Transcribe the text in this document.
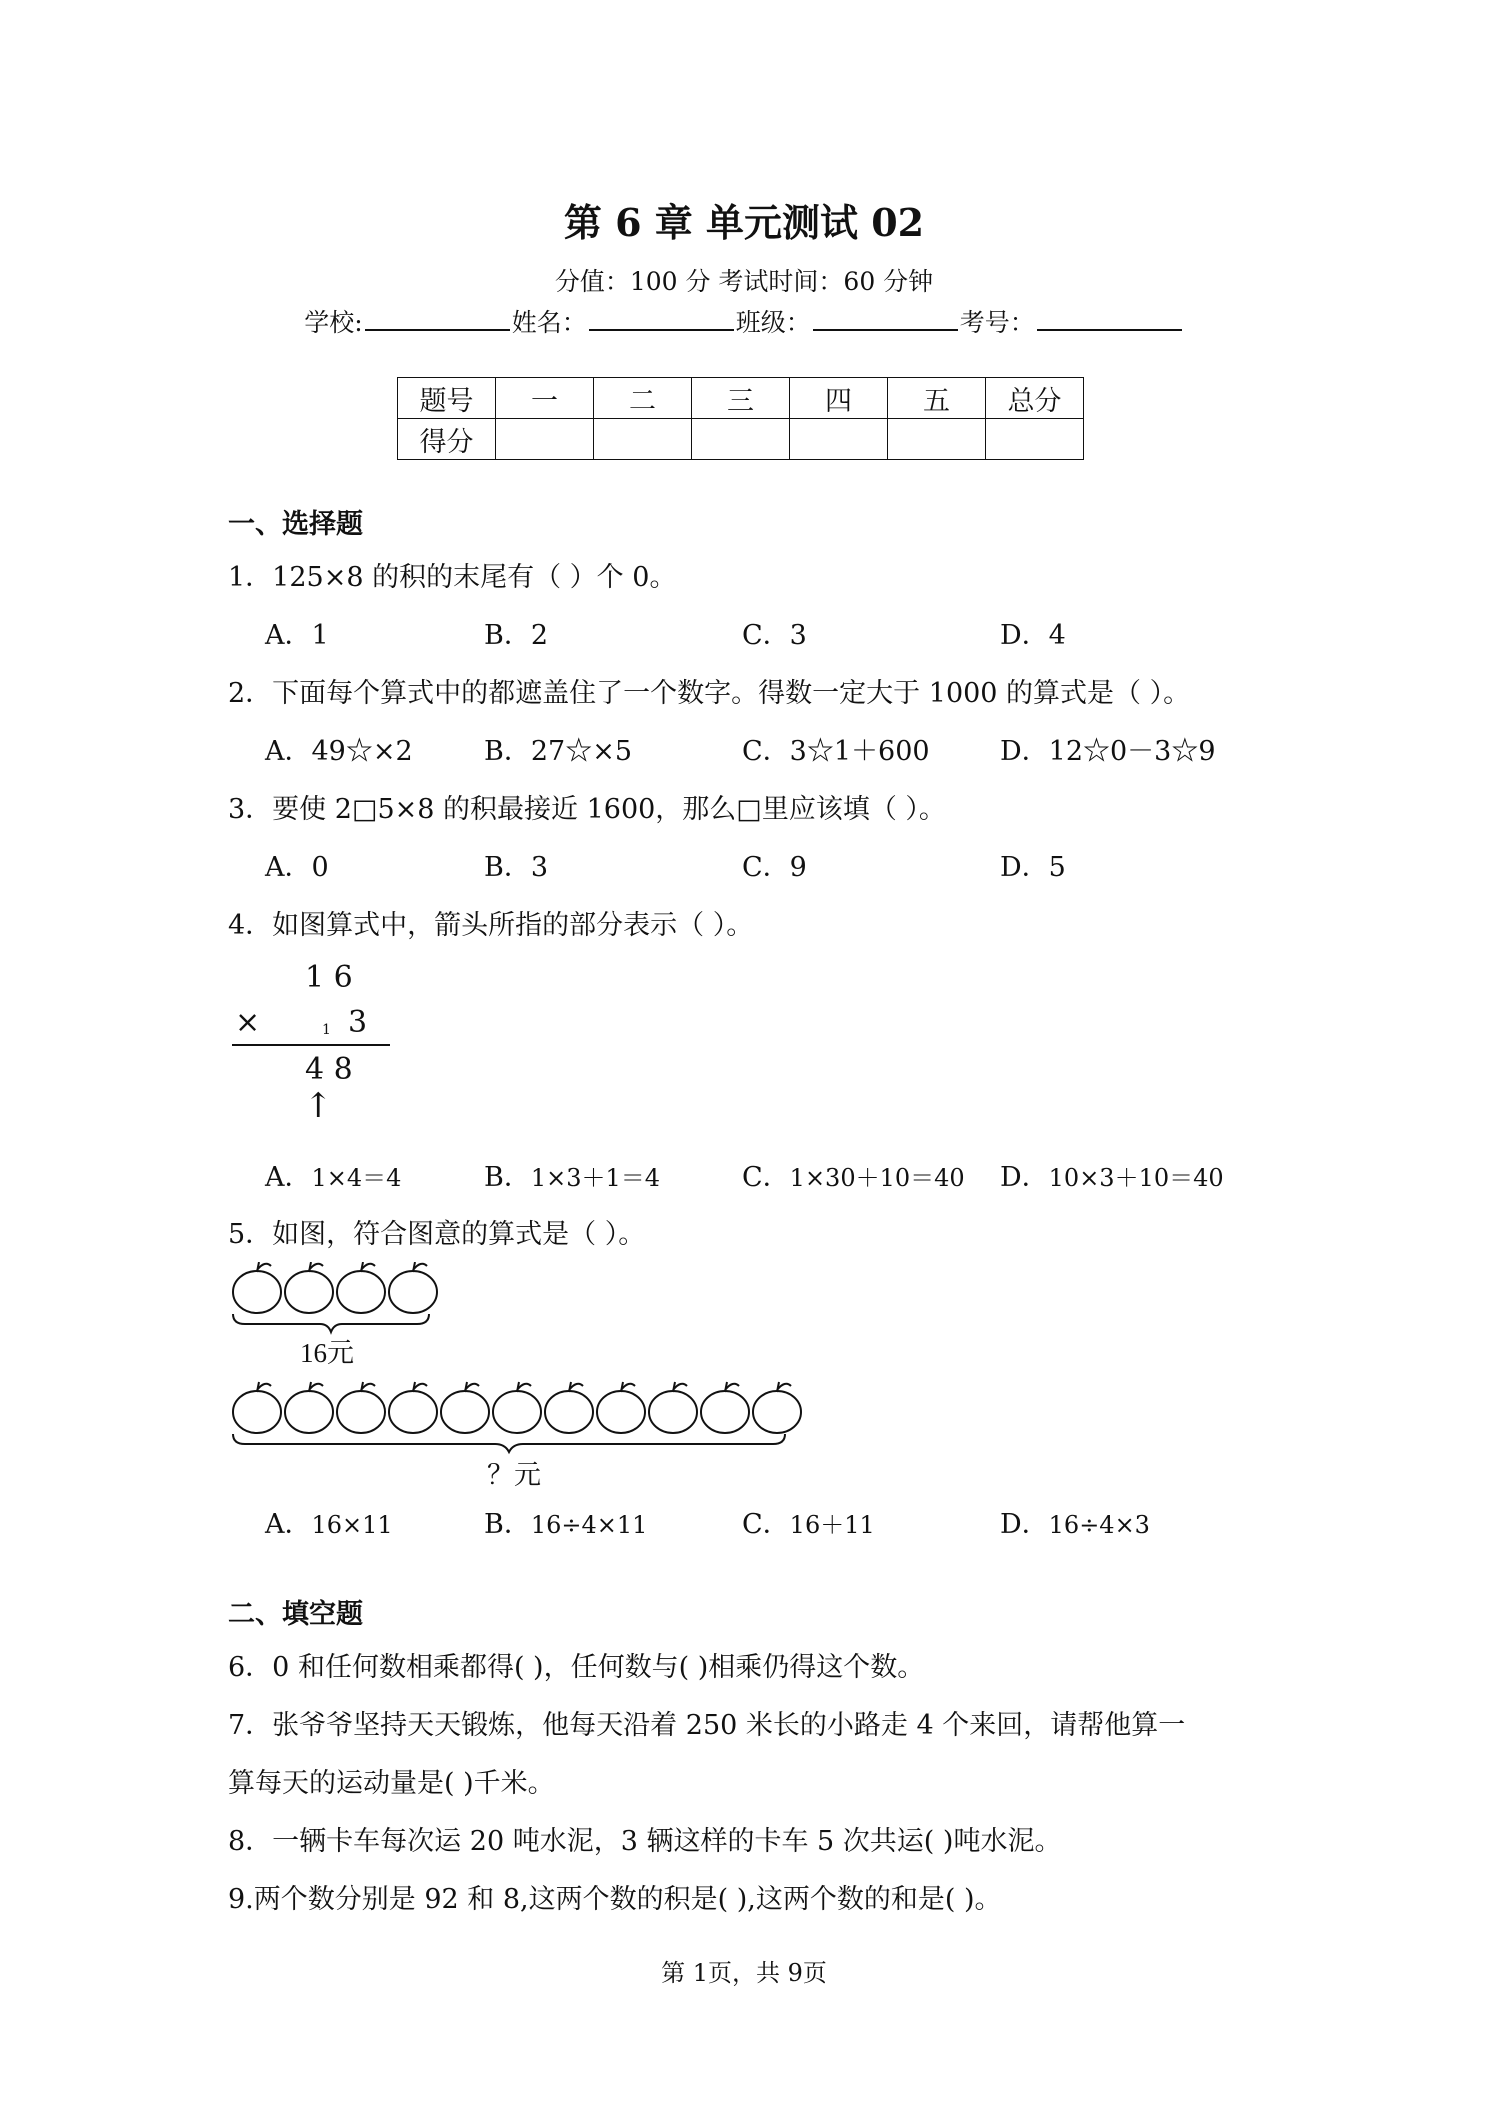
第 6 章 单元测试 02
分值：100 分 考试时间：60 分钟
学校:	姓名：	班级：	考号：
题号	一	二	三	四	五	总分
得分						
一、选择题
1．125×8 的积的末尾有（ ）个 0。
A．1	B．2	C．3	D．4
2．下面每个算式中的都遮盖住了一个数字。得数一定大于 1000 的算式是（ ）。
A．49☆×2	B．27☆×5	C．3☆1＋600	D．12☆0－3☆9
3．要使 2□5×8 的积最接近 1600，那么□里应该填（ ）。
A．0	B．3	C．9	D．5
4．如图算式中，箭头所指的部分表示（ ）。
1 6
×	1 3
4 8
↑
A．1×4＝4	B．1×3＋1＝4	C．1×30＋10＝40 D．10×3＋10＝40
5．如图，符合图意的算式是（ ）。
16元
？元
A．16×11	B．16÷4×11	C．16＋11	D．16÷4×3
二、填空题
6．0 和任何数相乘都得( )，任何数与( )相乘仍得这个数。
7．张爷爷坚持天天锻炼，他每天沿着 250 米长的小路走 4 个来回，请帮他算一
算每天的运动量是( )千米。
8．一辆卡车每次运 20 吨水泥，3 辆这样的卡车 5 次共运( )吨水泥。
9.两个数分别是 92 和 8,这两个数的积是( ),这两个数的和是( )。
第 1页，共 9页
